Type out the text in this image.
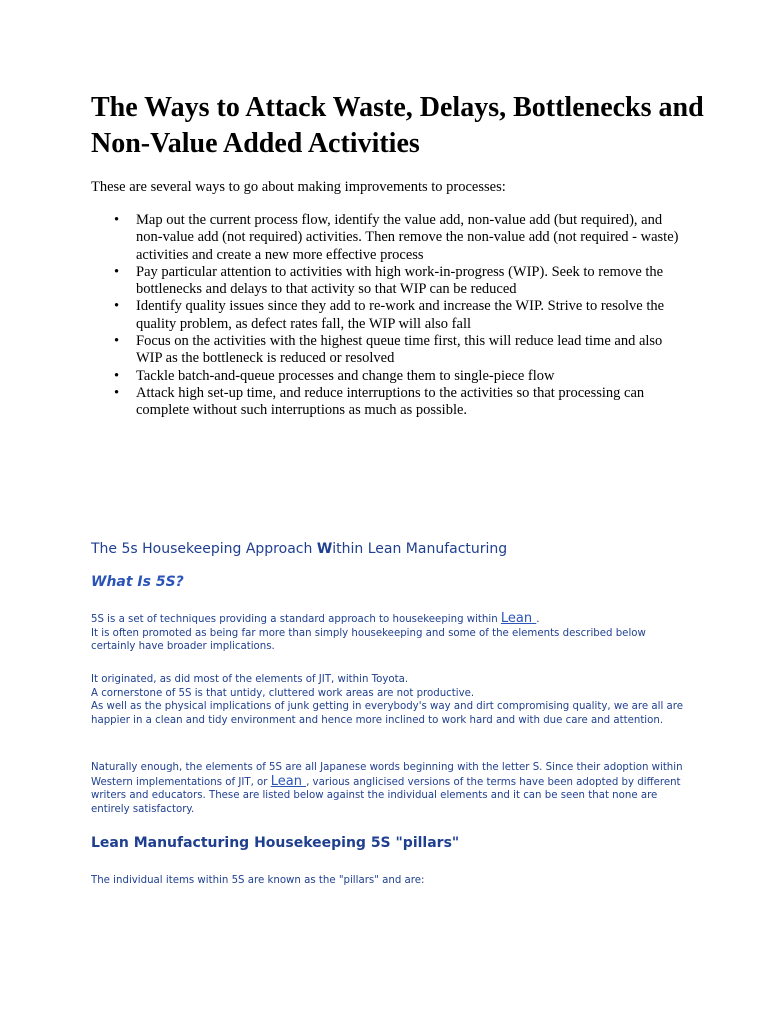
The Ways to Attack Waste, Delays, Bottlenecks and Non-Value Added Activities

These are several ways to go about making improvements to processes:

• Map out the current process flow, identify the value add, non-value add (but required), and non-value add (not required) activities. Then remove the non-value add (not required - waste) activities and create a new more effective process
• Pay particular attention to activities with high work-in-progress (WIP). Seek to remove the bottlenecks and delays to that activity so that WIP can be reduced
• Identify quality issues since they add to re-work and increase the WIP. Strive to resolve the quality problem, as defect rates fall, the WIP will also fall
• Focus on the activities with the highest queue time first, this will reduce lead time and also WIP as the bottleneck is reduced or resolved
• Tackle batch-and-queue processes and change them to single-piece flow
• Attack high set-up time, and reduce interruptions to the activities so that processing can complete without such interruptions as much as possible.
The 5s Housekeeping Approach Within Lean Manufacturing
What Is 5S?
5S is a set of techniques providing a standard approach to housekeeping within Lean .
It is often promoted as being far more than simply housekeeping and some of the elements described below certainly have broader implications.
It originated, as did most of the elements of JIT, within Toyota.
A cornerstone of 5S is that untidy, cluttered work areas are not productive.
As well as the physical implications of junk getting in everybody's way and dirt compromising quality, we are all are happier in a clean and tidy environment and hence more inclined to work hard and with due care and attention.
Naturally enough, the elements of 5S are all Japanese words beginning with the letter S. Since their adoption within Western implementations of JIT, or Lean , various anglicised versions of the terms have been adopted by different writers and educators. These are listed below against the individual elements and it can be seen that none are entirely satisfactory.
Lean Manufacturing Housekeeping 5S "pillars"
The individual items within 5S are known as the "pillars" and are:
